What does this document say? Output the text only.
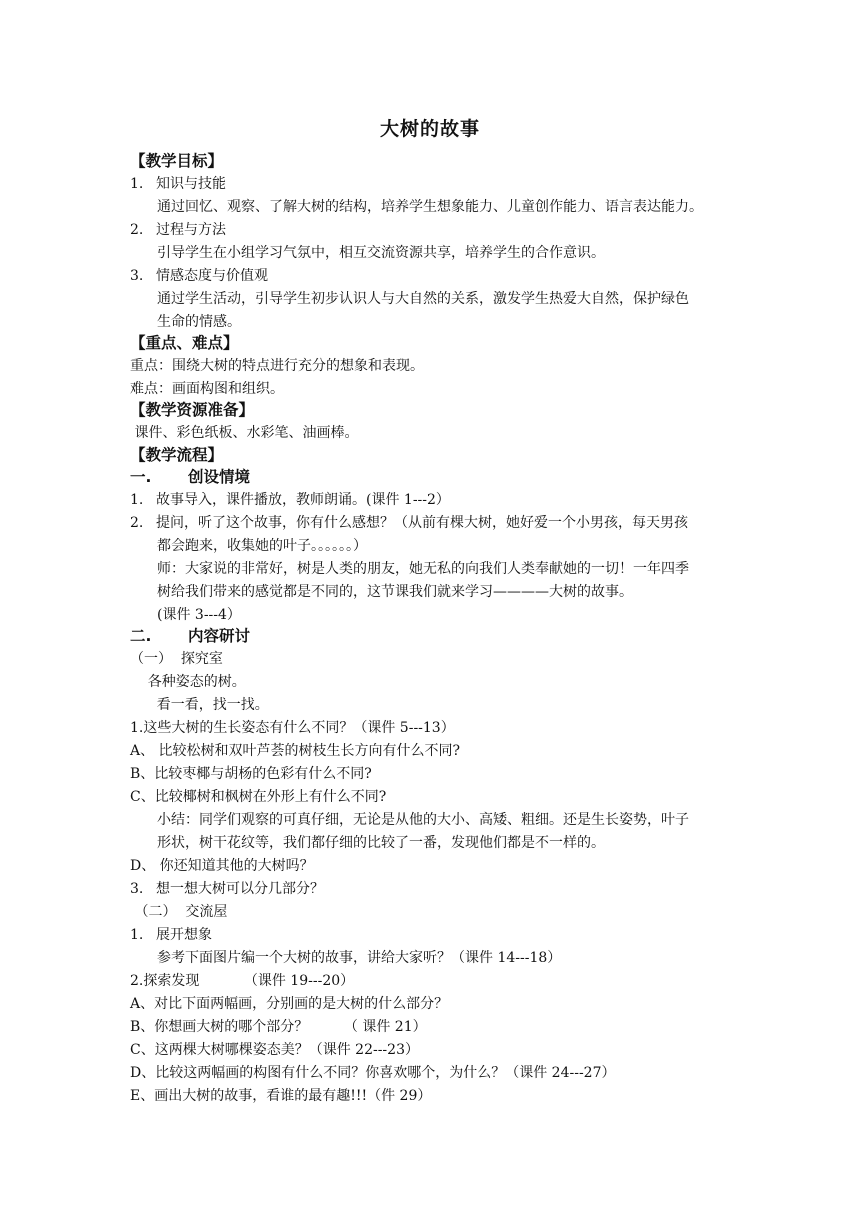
大树的故事
【教学目标】
1. 知识与技能
通过回忆、观察、了解大树的结构，培养学生想象能力、儿童创作能力、语言表达能力。
2. 过程与方法
引导学生在小组学习气氛中，相互交流资源共享，培养学生的合作意识。
3. 情感态度与价值观
通过学生活动，引导学生初步认识人与大自然的关系，激发学生热爱大自然，保护绿色
生命的情感。
【重点、难点】
重点：围绕大树的特点进行充分的想象和表现。
难点：画面构图和组织。
【教学资源准备】
课件、彩色纸板、水彩笔、油画棒。
【教学流程】
一. 创设情境
1. 故事导入，课件播放，教师朗诵。(课件 1---2）
2. 提问，听了这个故事，你有什么感想？（从前有棵大树，她好爱一个小男孩，每天男孩
都会跑来，收集她的叶子。。。。。。）
师：大家说的非常好，树是人类的朋友，她无私的向我们人类奉献她的一切！一年四季
树给我们带来的感觉都是不同的，这节课我们就来学习————大树的故事。
(课件 3---4）
二. 内容研讨
（一）  探究室
各种姿态的树。
看一看，找一找。
1.这些大树的生长姿态有什么不同？（课件 5---13）
A、 比较松树和双叶芦荟的树枝生长方向有什么不同?
B、比较枣椰与胡杨的色彩有什么不同?
C、比较椰树和枫树在外形上有什么不同?
小结：同学们观察的可真仔细，无论是从他的大小、高矮、粗细。还是生长姿势，叶子
形状，树干花纹等，我们都仔细的比较了一番，发现他们都是不一样的。
D、 你还知道其他的大树吗？
3. 想一想大树可以分几部分？
（二）  交流屋
1. 展开想象
参考下面图片编一个大树的故事，讲给大家听？（课件 14---18）
2.探索发现          （课件 19---20）
A、对比下面两幅画，分别画的是大树的什么部分？
B、你想画大树的哪个部分？        （ 课件 21）
C、这两棵大树哪棵姿态美？（课件 22---23）
D、比较这两幅画的构图有什么不同？你喜欢哪个，为什么？（课件 24---27）
E、画出大树的故事，看谁的最有趣!!!（件 29）
